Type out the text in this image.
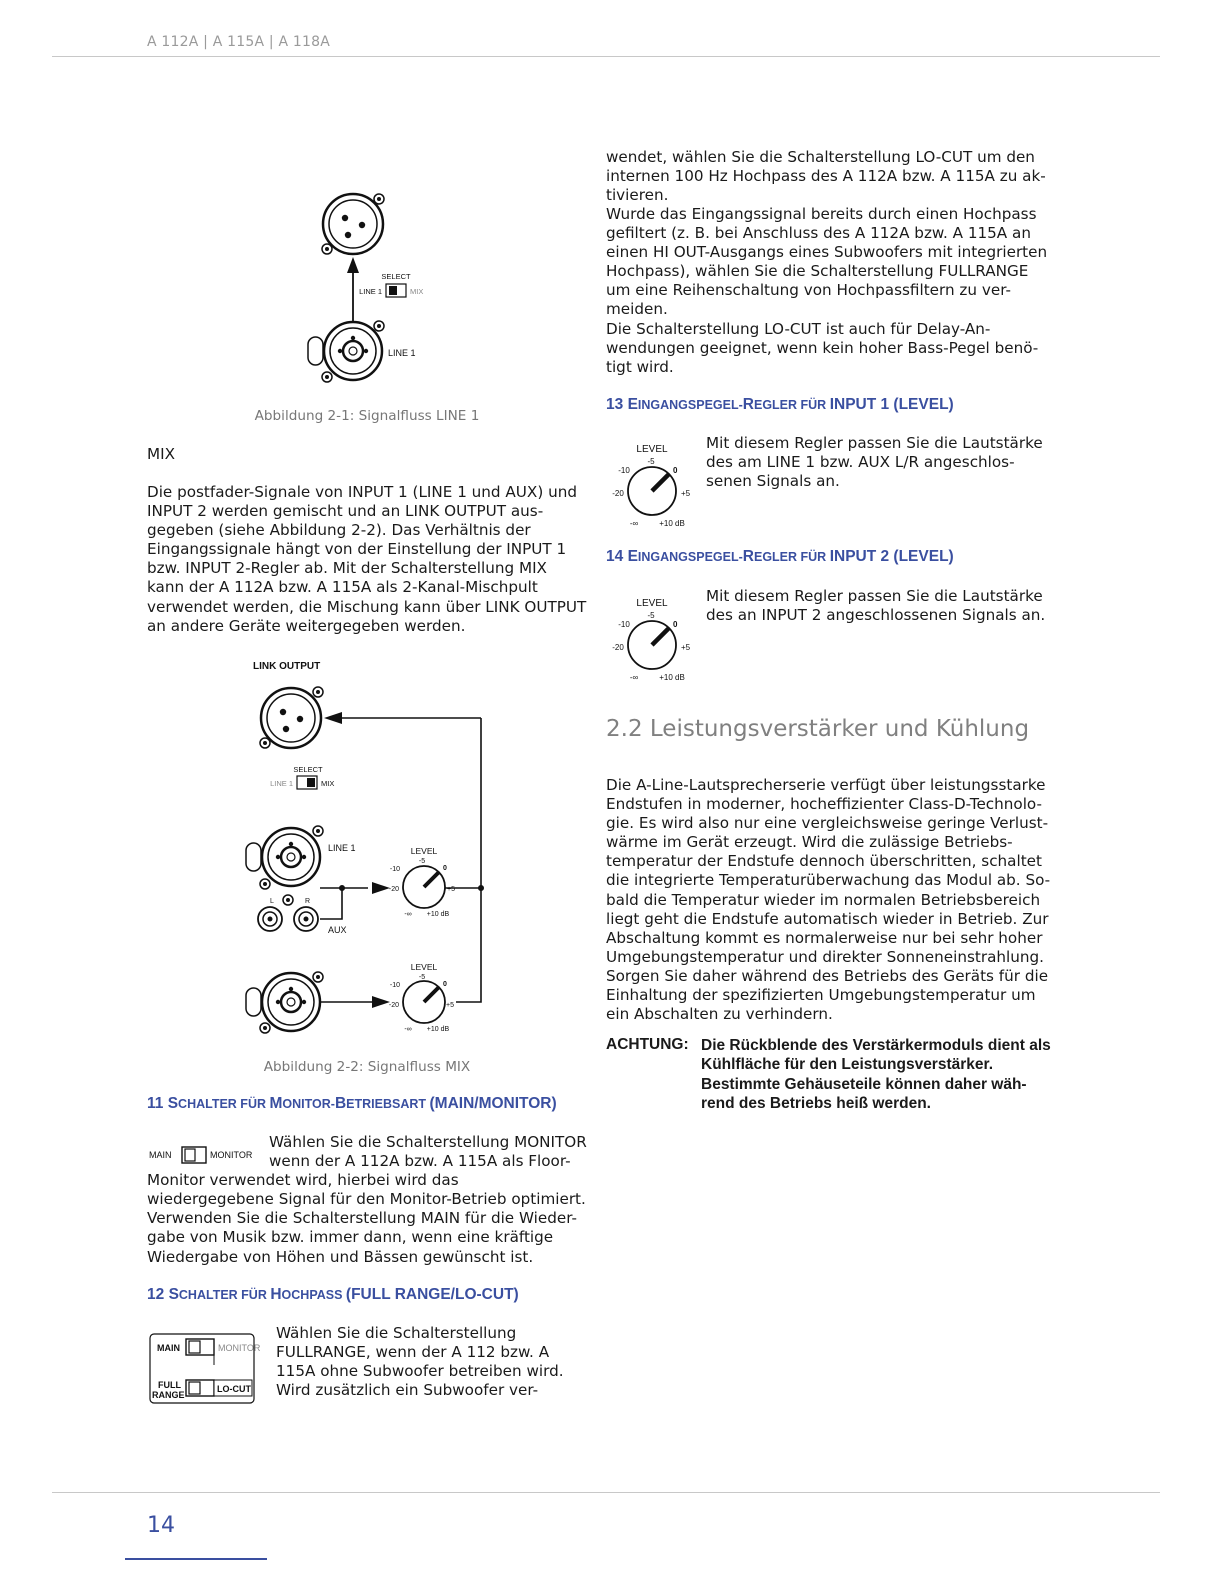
A 112A | A 115A | A 118A
SELECT
LINE 1	MIX
LINE 1
Abbildung 2-1: Signalfluss LINE 1
MIX

Die postfader-Signale von INPUT 1 (LINE 1 und AUX) und INPUT 2 werden gemischt und an LINK OUTPUT aus-gegeben (siehe Abbildung 2-2). Das Verhältnis der Eingangssignale hängt von der Einstellung der INPUT 1 bzw. INPUT 2-Regler ab. Mit der Schalterstellung MIX kann der A 112A bzw. A 115A als 2-Kanal-Mischpult verwendet werden, die Mischung kann über LINK OUTPUT an andere Geräte weitergegeben werden.

LINK OUTPUT
SELECT
LINE 1	MIX
LINE 1
L	R
AUX
LEVEL
-10
-5
0
-20	+5
-∞ +10 dB
LEVEL
-10
-5
0
-20	+5
-∞ +10 dB
Abbildung 2-2: Signalfluss MIX
11 SCHALTER FÜR MONITOR-BETRIEBSART (MAIN/MONITOR)
MAIN	MONITOR

Wählen Sie die Schalterstellung MONITOR wenn der A 112A bzw. A 115A als Floor-Monitor verwendet wird, hierbei wird das wiedergegebene Signal für den Monitor-Betrieb optimiert. Verwenden Sie die Schalterstellung MAIN für die Wieder-gabe von Musik bzw. immer dann, wenn eine kräftige Wiedergabe von Höhen und Bässen gewünscht ist.

12 SCHALTER FÜR HOCHPASS (FULL RANGE/LO-CUT)
MAIN	MONITOR
FULL
RANGE
LO-CUT

Wählen Sie die Schalterstellung FULLRANGE, wenn der A 112 bzw. A 115A ohne Subwoofer betreiben wird. Wird zusätzlich ein Subwoofer ver-

wendet, wählen Sie die Schalterstellung LO-CUT um den internen 100 Hz Hochpass des A 112A bzw. A 115A zu ak-tivieren.

Wurde das Eingangssignal bereits durch einen Hochpass gefiltert (z. B. bei Anschluss des A 112A bzw. A 115A an einen HI OUT-Ausgangs eines Subwoofers mit integrierten Hochpass), wählen Sie die Schalterstellung FULLRANGE um eine Reihenschaltung von Hochpassfiltern zu ver-meiden.

Die Schalterstellung LO-CUT ist auch für Delay-An-wendungen geeignet, wenn kein hoher Bass-Pegel benö-tigt wird.

13 EINGANGSPEGEL-REGLER FÜR INPUT 1 (LEVEL)
LEVEL
-10
-5
0
-20	+5
-∞	+10 dB

Mit diesem Regler passen Sie die Lautstärke des am LINE 1 bzw. AUX L/R angeschlos-senen Signals an.

14 EINGANGSPEGEL-REGLER FÜR INPUT 2 (LEVEL)
LEVEL
-10
-5
0
-20	+5
-∞	+10 dB

Mit diesem Regler passen Sie die Lautstärke des an INPUT 2 angeschlossenen Signals an.

2.2 Leistungsverstärker und Kühlung

Die A-Line-Lautsprecherserie verfügt über leistungsstarke Endstufen in moderner, hocheffizienter Class-D-Technolo-gie. Es wird also nur eine vergleichsweise geringe Verlust-wärme im Gerät erzeugt. Wird die zulässige Betriebs-temperatur der Endstufe dennoch überschritten, schaltet die integrierte Temperaturüberwachung das Modul ab. So-bald die Temperatur wieder im normalen Betriebsbereich liegt geht die Endstufe automatisch wieder in Betrieb. Zur Abschaltung kommt es normalerweise nur bei sehr hoher Umgebungstemperatur und direkter Sonneneinstrahlung. Sorgen Sie daher während des Betriebs des Geräts für die Einhaltung der spezifizierten Umgebungstemperatur um ein Abschalten zu verhindern.

ACHTUNG: Die Rückblende des Verstärkermoduls dient als Kühlfläche für den Leistungsverstärker. Bestimmte Gehäuseteile können daher wäh-rend des Betriebs heiß werden.

14
